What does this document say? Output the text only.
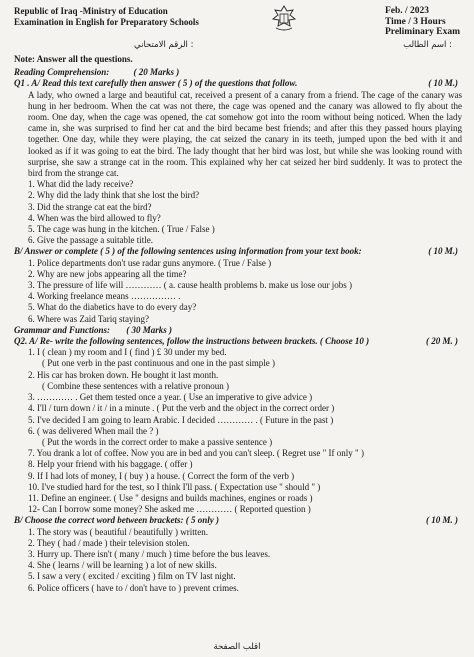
Republic of Iraq -Ministry of Education
Examination in English for Preparatory Schools
Feb. / 2023
Time / 3 Hours
Preliminary Exam
الرقم الامتحاني :	اسم الطالب :
Note: Answer all the questions.
Reading Comprehension:	( 20 Marks )
Q1 . A/ Read this text carefully then answer ( 5 ) of the questions that follow.	( 10 M.)
A lady, who owned a large and beautiful cat, received a present of a canary from a friend. The cage of the canary was hung in her bedroom. When the cat was not there, the cage was opened and the canary was allowed to fly about the room. One day, when the cage was opened, the cat somehow got into the room without being noticed. When the lady came in, she was surprised to find her cat and the bird became best friends; and after this they passed hours playing together. One day, while they were playing, the cat seized the canary in its teeth, jumped upon the bed with it and looked as if it was going to eat the bird. The lady thought that her bird was lost, but while she was looking round with surprise, she saw a strange cat in the room. This explained why her cat seized her bird suddenly. It was to protect the bird from the strange cat.
1. What did the lady receive?
2. Why did the lady think that she lost the bird?
3. Did the strange cat eat the bird?
4. When was the bird allowed to fly?
5. The cage was hung in the kitchen. ( True / False )
6. Give the passage a suitable title.
B/ Answer or complete ( 5 ) of the following sentences using information from your text book:	( 10 M.)
1. Police departments don't use radar guns anymore. ( True / False )
2. Why are new jobs appearing all the time?
3. The pressure of life will ………… ( a. cause health problems b. make us lose our jobs )
4. Working freelance means …………… .
5. What do the diabetics have to do every day?
6. Where was Zaid Tariq staying?
Grammar and Functions: ( 30 Marks )
Q2. A/ Re- write the following sentences, follow the instructions between brackets. ( Choose 10 )	( 20 M. )
1. I ( clean ) my room and I ( find ) £ 30 under my bed.
( Put one verb in the past continuous and one in the past simple )
2. His car has broken down. He bought it last month.
( Combine these sentences with a relative pronoun )
3. ………… . Get them tested once a year. ( Use an imperative to give advice )
4. I'll / turn down / it / in a minute . ( Put the verb and the object in the correct order )
5. I've decided I am going to learn Arabic. I decided ………… . ( Future in the past )
6. ( was delivered When mail the ? )
( Put the words in the correct order to make a passive sentence )
7. You drank a lot of coffee. Now you are in bed and you can't sleep. ( Regret use " If only " )
8. Help your friend with his baggage. ( offer )
9. If I had lots of money, I ( buy ) a house. ( Correct the form of the verb )
10. I've studied hard for the test, so I think I'll pass. ( Expectation use " should " )
11. Define an engineer. ( Use " designs and builds machines, engines or roads )
12- Can I borrow some money? She asked me ………… ( Reported question )
B/ Choose the correct word between brackets: ( 5 only )	( 10 M. )
1. The story was ( beautiful / beautifully ) written.
2. They ( had / made ) their television stolen.
3. Hurry up. There isn't ( many / much ) time before the bus leaves.
4. She ( learns / will be learning ) a lot of new skills.
5. I saw a very ( excited / exciting ) film on TV last night.
6. Police officers ( have to / don't have to ) prevent crimes.
اقلب الصفحة
